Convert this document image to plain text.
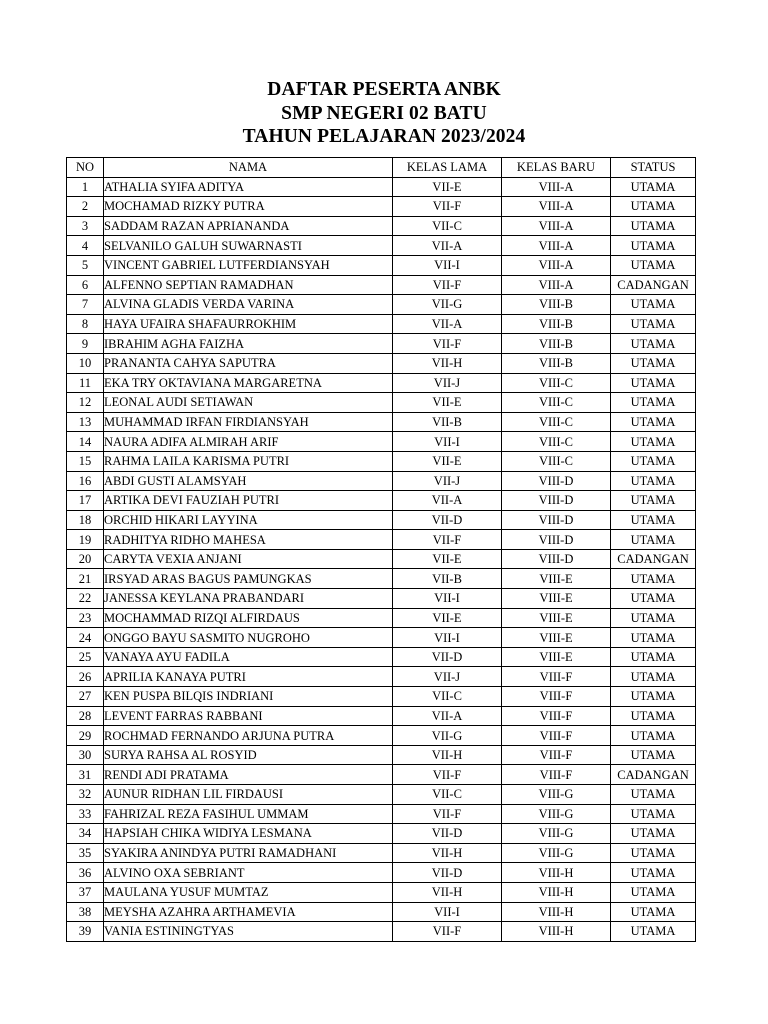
DAFTAR PESERTA ANBK
SMP NEGERI 02 BATU
TAHUN PELAJARAN 2023/2024
NO	NAMA	KELAS LAMA	KELAS BARU	STATUS
1	ATHALIA SYIFA ADITYA	VII-E	VIII-A	UTAMA
2	MOCHAMAD RIZKY PUTRA	VII-F	VIII-A	UTAMA
3	SADDAM RAZAN APRIANANDA	VII-C	VIII-A	UTAMA
4	SELVANILO GALUH SUWARNASTI	VII-A	VIII-A	UTAMA
5	VINCENT GABRIEL LUTFERDIANSYAH	VII-I	VIII-A	UTAMA
6	ALFENNO SEPTIAN RAMADHAN	VII-F	VIII-A	CADANGAN
7	ALVINA GLADIS VERDA VARINA	VII-G	VIII-B	UTAMA
8	HAYA UFAIRA SHAFAURROKHIM	VII-A	VIII-B	UTAMA
9	IBRAHIM AGHA FAIZHA	VII-F	VIII-B	UTAMA
10	PRANANTA CAHYA SAPUTRA	VII-H	VIII-B	UTAMA
11	EKA TRY OKTAVIANA MARGARETNA	VII-J	VIII-C	UTAMA
12	LEONAL AUDI SETIAWAN	VII-E	VIII-C	UTAMA
13	MUHAMMAD IRFAN FIRDIANSYAH	VII-B	VIII-C	UTAMA
14	NAURA ADIFA ALMIRAH ARIF	VII-I	VIII-C	UTAMA
15	RAHMA LAILA KARISMA PUTRI	VII-E	VIII-C	UTAMA
16	ABDI GUSTI ALAMSYAH	VII-J	VIII-D	UTAMA
17	ARTIKA DEVI FAUZIAH PUTRI	VII-A	VIII-D	UTAMA
18	ORCHID HIKARI LAYYINA	VII-D	VIII-D	UTAMA
19	RADHITYA RIDHO MAHESA	VII-F	VIII-D	UTAMA
20	CARYTA VEXIA ANJANI	VII-E	VIII-D	CADANGAN
21	IRSYAD ARAS BAGUS PAMUNGKAS	VII-B	VIII-E	UTAMA
22	JANESSA KEYLANA PRABANDARI	VII-I	VIII-E	UTAMA
23	MOCHAMMAD RIZQI ALFIRDAUS	VII-E	VIII-E	UTAMA
24	ONGGO BAYU SASMITO NUGROHO	VII-I	VIII-E	UTAMA
25	VANAYA AYU FADILA	VII-D	VIII-E	UTAMA
26	APRILIA KANAYA PUTRI	VII-J	VIII-F	UTAMA
27	KEN PUSPA BILQIS INDRIANI	VII-C	VIII-F	UTAMA
28	LEVENT FARRAS RABBANI	VII-A	VIII-F	UTAMA
29	ROCHMAD FERNANDO ARJUNA PUTRA	VII-G	VIII-F	UTAMA
30	SURYA RAHSA AL ROSYID	VII-H	VIII-F	UTAMA
31	RENDI ADI PRATAMA	VII-F	VIII-F	CADANGAN
32	AUNUR RIDHAN LIL FIRDAUSI	VII-C	VIII-G	UTAMA
33	FAHRIZAL REZA FASIHUL UMMAM	VII-F	VIII-G	UTAMA
34	HAPSIAH CHIKA WIDIYA LESMANA	VII-D	VIII-G	UTAMA
35	SYAKIRA ANINDYA PUTRI RAMADHANI	VII-H	VIII-G	UTAMA
36	ALVINO OXA SEBRIANT	VII-D	VIII-H	UTAMA
37	MAULANA YUSUF MUMTAZ	VII-H	VIII-H	UTAMA
38	MEYSHA AZAHRA ARTHAMEVIA	VII-I	VIII-H	UTAMA
39	VANIA ESTININGTYAS	VII-F	VIII-H	UTAMA
